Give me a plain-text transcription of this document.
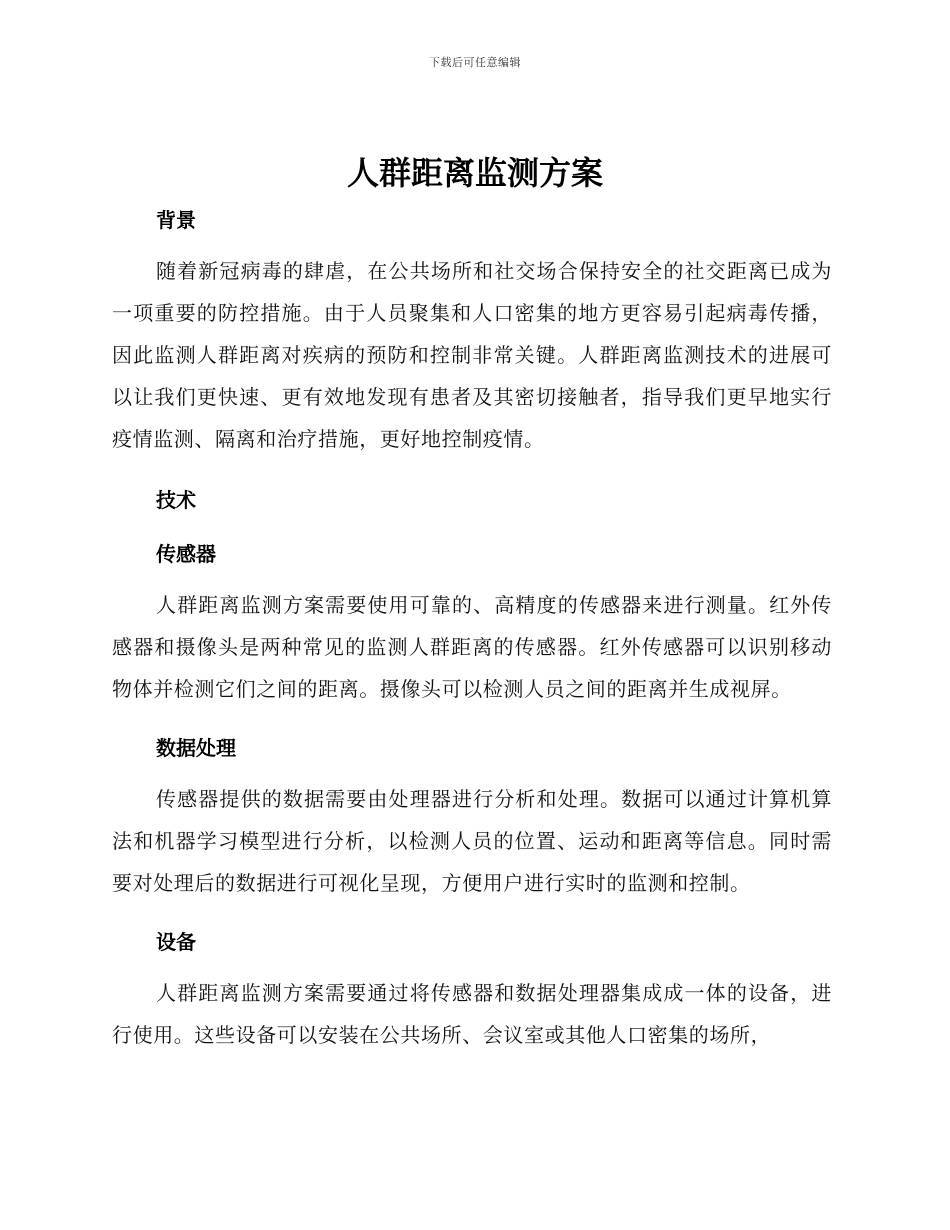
下载后可任意编辑
人群距离监测方案
背景

随着新冠病毒的肆虐，在公共场所和社交场合保持安全的社交距离已成为一项重要的防控措施。由于人员聚集和人口密集的地方更容易引起病毒传播，因此监测人群距离对疾病的预防和控制非常关键。人群距离监测技术的进展可以让我们更快速、更有效地发现有患者及其密切接触者，指导我们更早地实行疫情监测、隔离和治疗措施，更好地控制疫情。

技术
传感器

人群距离监测方案需要使用可靠的、高精度的传感器来进行测量。红外传感器和摄像头是两种常见的监测人群距离的传感器。红外传感器可以识别移动物体并检测它们之间的距离。摄像头可以检测人员之间的距离并生成视屏。

数据处理

传感器提供的数据需要由处理器进行分析和处理。数据可以通过计算机算法和机器学习模型进行分析，以检测人员的位置、运动和距离等信息。同时需要对处理后的数据进行可视化呈现，方便用户进行实时的监测和控制。

设备

人群距离监测方案需要通过将传感器和数据处理器集成成一体的设备，进行使用。这些设备可以安装在公共场所、会议室或其他人口密集的场所，
